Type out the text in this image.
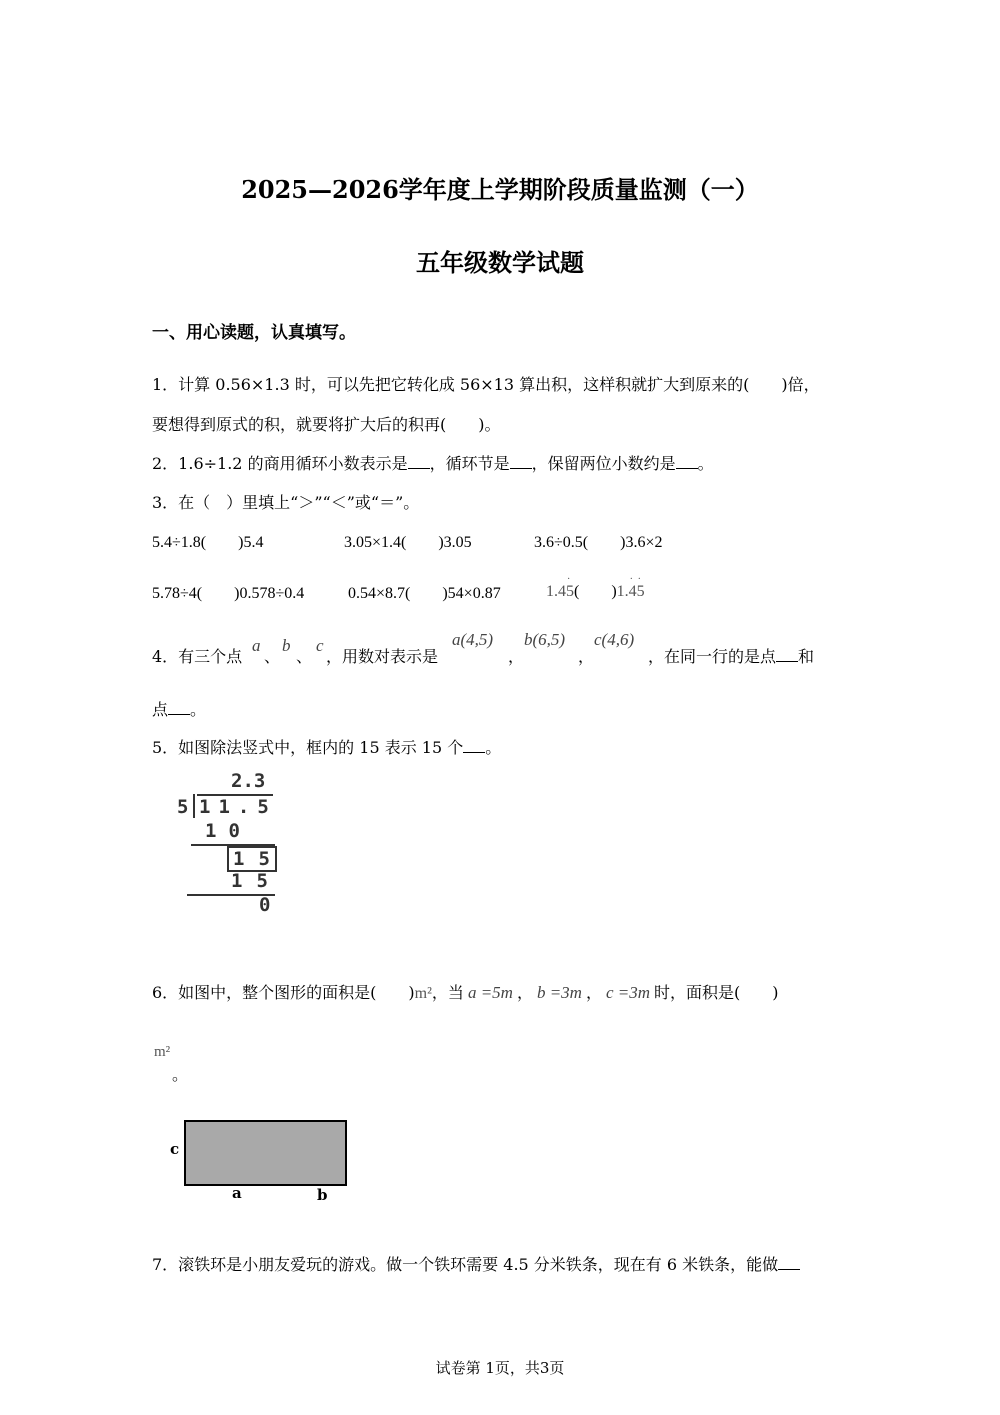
2025—2026学年度上学期阶段质量监测（一）
五年级数学试题
一、用心读题，认真填写。
1．计算 0.56×1.3 时，可以先把它转化成 56×13 算出积，这样积就扩大到原来的(　　)倍，
要想得到原式的积，就要将扩大后的积再(　　)。
2．1.6÷1.2 的商用循环小数表示是 ，循环节是 ，保留两位小数约是 。
3．在（　）里填上“＞”“＜”或“＝”。
5.4÷1.8(　　)5.4	3.05×1.4(　　)3.05	3.6÷0.5(　　)3.6×2
5.78÷4(　　)0.578÷0.4	0.54×8.7(　　)54×0.87	1.45
·
(　　)1.45
· ·
4．有三个点
a
、
b
、
c
，用数对表示是
a(4,5)
，
b(6,5)
，
c(4,6)
，在同一行的是点 和
点 。
5．如图除法竖式中，框内的 15 表示 15 个 。
2.3
5 11.5
10
15
15
0
6．如图中，整个图形的面积是(　　)m²，当 a =5m ， b =3m ， c =3m 时，面积是(　　)
m²
。
c
a	b
7．滚铁环是小朋友爱玩的游戏。做一个铁环需要 4.5 分米铁条，现在有 6 米铁条，能做
试卷第 1页，共3页
